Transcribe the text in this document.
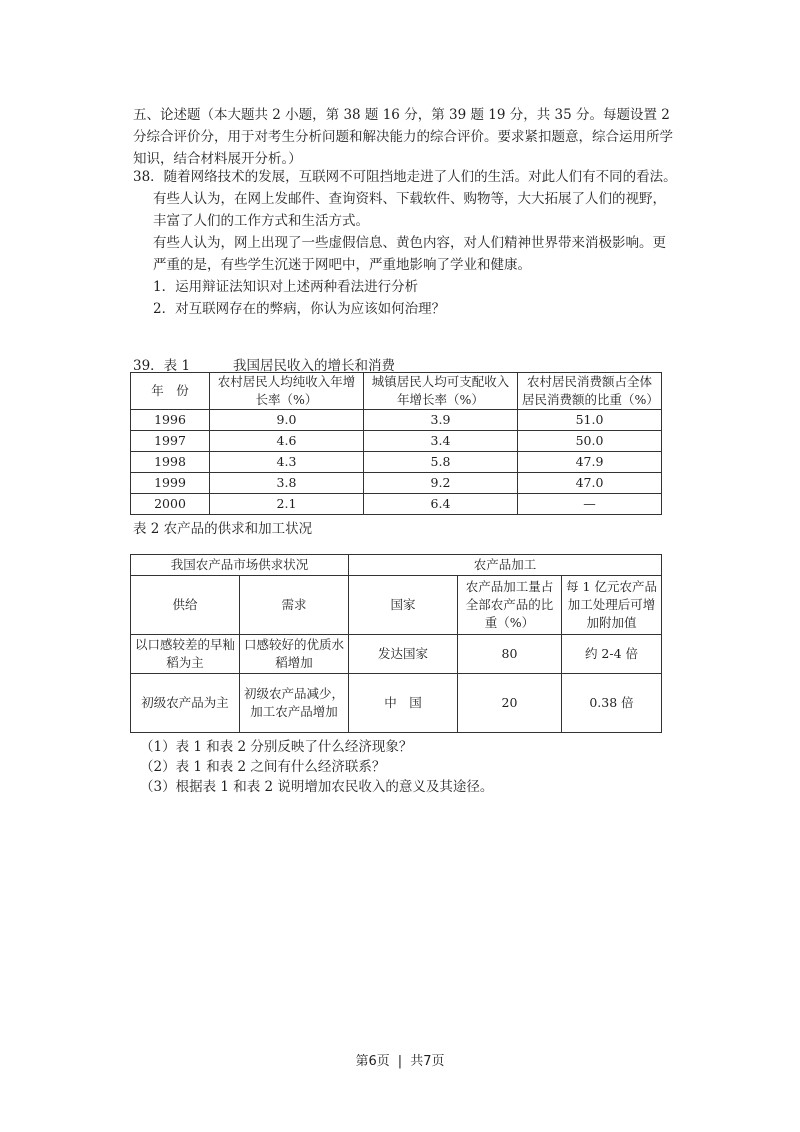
五、论述题（本大题共 2 小题，第 38 题 16 分，第 39 题 19 分，共 35 分。每题设置 2 分综合评价分，用于对考生分析问题和解决能力的综合评价。要求紧扣题意，综合运用所学知识，结合材料展开分析。）

38．随着网络技术的发展，互联网不可阻挡地走进了人们的生活。对此人们有不同的看法。

有些人认为，在网上发邮件、查询资料、下载软件、购物等，大大拓展了人们的视野，丰富了人们的工作方式和生活方式。

有些人认为，网上出现了一些虚假信息、黄色内容，对人们精神世界带来消极影响。更严重的是，有些学生沉迷于网吧中，严重地影响了学业和健康。

1．运用辩证法知识对上述两种看法进行分析

2．对互联网存在的弊病，你认为应该如何治理？

39．表 1	我国居民收入的增长和消费
年　份	农村居民人均纯收入年增长率（%）	城镇居民人均可支配收入年增长率（%）	农村居民消费额占全体居民消费额的比重（%）
1996	9.0	3.9	51.0
1997	4.6	3.4	50.0
1998	4.3	5.8	47.9
1999	3.8	9.2	47.0
2000	2.1	6.4	—
表 2 农产品的供求和加工状况
我国农产品市场供求状况		农产品加工		
供给	需求	国家	农产品加工量占全部农产品的比重（%）	每 1 亿元农产品加工处理后可增加附加值
以口感较差的早籼稻为主	口感较好的优质水稻增加	发达国家	80	约 2-4 倍
初级农产品为主	初级农产品减少，加工农产品增加	中　国	20	0.38 倍

（1）表 1 和表 2 分别反映了什么经济现象？

（2）表 1 和表 2 之间有什么经济联系？

（3）根据表 1 和表 2 说明增加农民收入的意义及其途径。

第6页 | 共7页
